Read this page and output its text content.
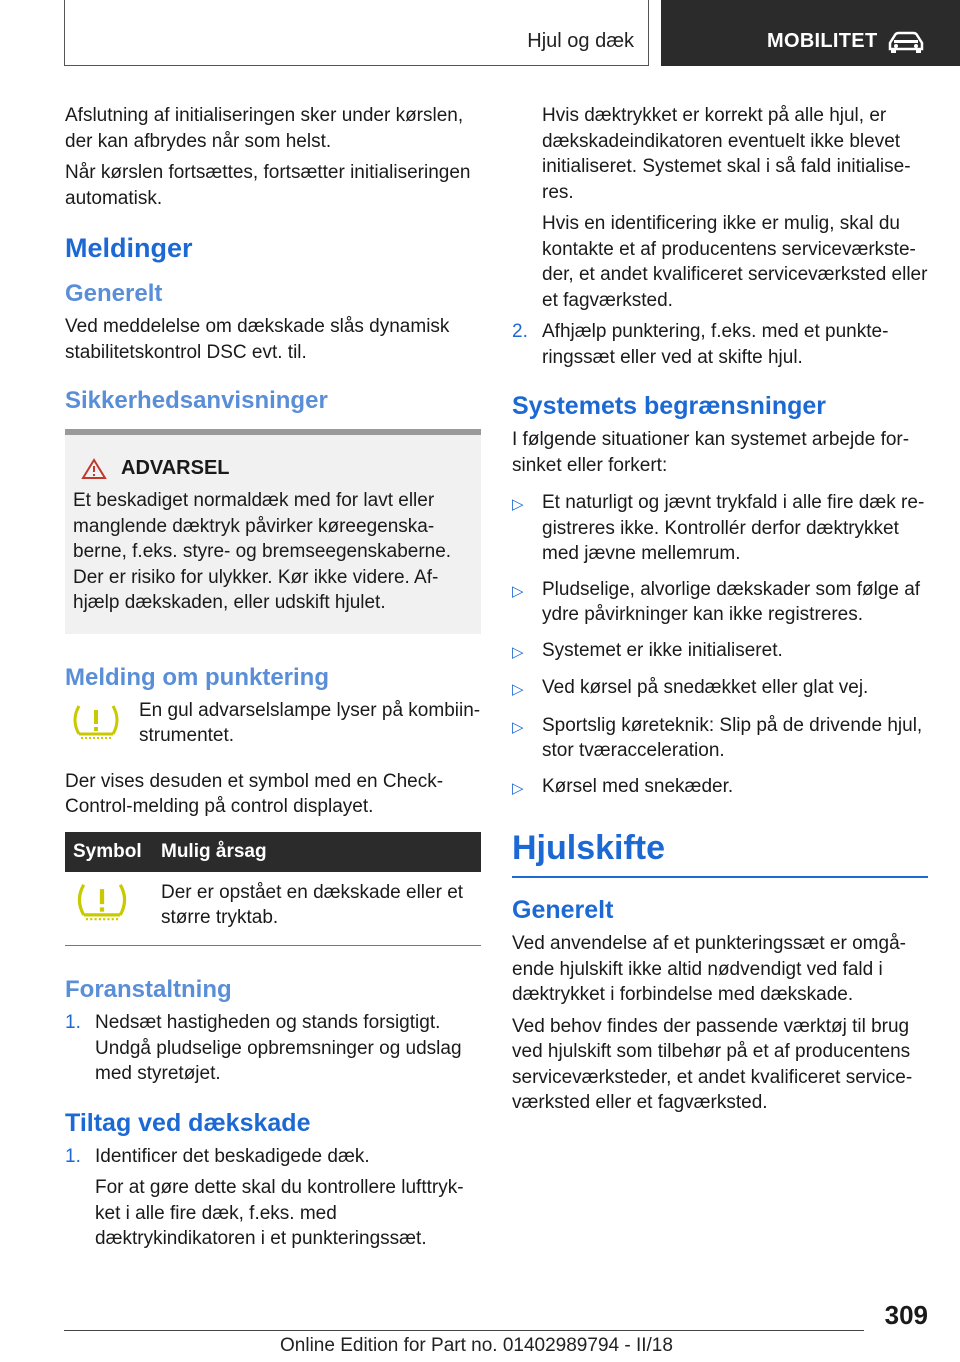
Hjul og dæk	MOBILITET

Afslutning af initialiseringen sker under kørslen, der kan afbrydes når som helst.

Når kørslen fortsættes, fortsætter initialiseringen automatisk.

Meldinger
Generelt

Ved meddelelse om dækskade slås dynamisk stabilitetskontrol DSC evt. til.

Sikkerhedsanvisninger
ADVARSEL

Et beskadiget normaldæk med for lavt eller manglende dæktryk påvirker køreegenskaberne, f.eks. styre- og bremseegenskaberne. Der er risiko for ulykker. Kør ikke videre. Afhjælp dækskaden, eller udskift hjulet.

Melding om punktering

En gul advarselslampe lyser på kombiinstrumentet.

Der vises desuden et symbol med en Check-Control-melding på control displayet.

Symbol	Mulig årsag
	Der er opstået en dækskade eller et større tryktab.
Foranstaltning
1. Nedsæt hastigheden og stands forsigtigt. Undgå pludselige opbremsninger og udslag med styretøjet.
Tiltag ved dækskade
1. Identificer det beskadigede dæk.

For at gøre dette skal du kontrollere lufttrykket i alle fire dæk, f.eks. med dæktrykindikatoren i et punkteringssæt.

Hvis dæktrykket er korrekt på alle hjul, er dækskadeindikatoren eventuelt ikke blevet initialiseret. Systemet skal i så fald initialiseres.

Hvis en identificering ikke er mulig, skal du kontakte et af producentens serviceværksteder, et andet kvalificeret serviceværksted eller et fagværksted.

2. Afhjælp punktering, f.eks. med et punkteringssæt eller ved at skifte hjul.
Systemets begrænsninger

I følgende situationer kan systemet arbejde forsinket eller forkert:

▷ Et naturligt og jævnt trykfald i alle fire dæk registreres ikke. Kontrollér derfor dæktrykket med jævne mellemrum.
▷ Pludselige, alvorlige dækskader som følge af ydre påvirkninger kan ikke registreres.
▷ Systemet er ikke initialiseret.
▷ Ved kørsel på snedækket eller glat vej.
▷ Sportslig køreteknik: Slip på de drivende hjul, stor tværacceleration.
▷ Kørsel med snekæder.
Hjulskifte
Generelt

Ved anvendelse af et punkteringssæt er omgående hjulskift ikke altid nødvendigt ved fald i dæktrykket i forbindelse med dækskade.

Ved behov findes der passende værktøj til brug ved hjulskift som tilbehør på et af producentens serviceværksteder, et andet kvalificeret serviceværksted eller et fagværksted.

309
Online Edition for Part no. 01402989794 - II/18
